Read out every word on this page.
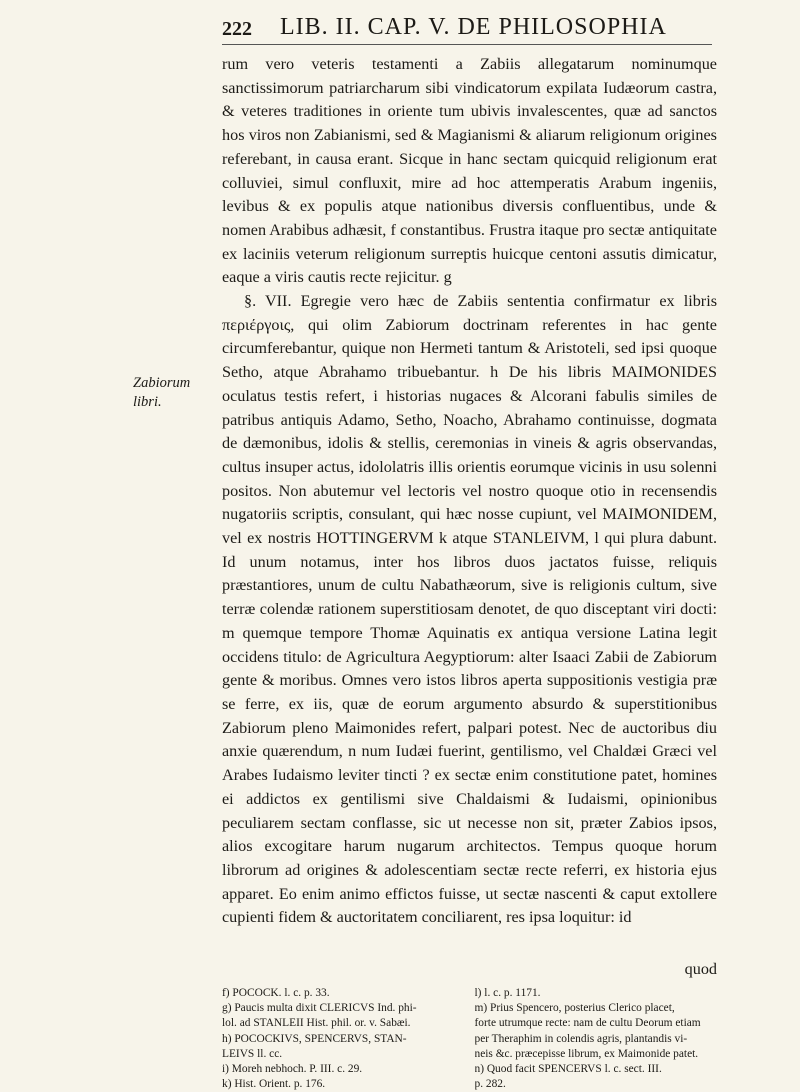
222 LIB. II. CAP. V. DE PHILOSOPHIA
Zabiorum libri.

rum vero veteris testamenti a Zabiis allegatarum nominumque sanctissimorum patriarcharum sibi vindicatorum expilata Iudæorum castra, & veteres traditiones in oriente tum ubivis invalescentes, quæ ad sanctos hos viros non Zabianismi, sed & Magianismi & aliarum religionum origines referebant, in causa erant. Sicque in hanc sectam quicquid religionum erat colluviei, simul confluxit, mire ad hoc attemperatis Arabum ingeniis, levibus & ex populis atque nationibus diversis confluentibus, unde & nomen Arabibus adhæsit, f constantibus. Frustra itaque pro sectæ antiquitate ex laciniis veterum religionum surreptis huicque centoni assutis dimicatur, eaque a viris cautis recte rejicitur. g

§. VII. Egregie vero hæc de Zabiis sententia confirmatur ex libris περιέργοις, qui olim Zabiorum doctrinam referentes in hac gente circumferebantur, quique non Hermeti tantum & Aristoteli, sed ipsi quoque Setho, atque Abrahamo tribuebantur. h De his libris MAIMONIDES oculatus testis refert, i historias nugaces & Alcorani fabulis similes de patribus antiquis Adamo, Setho, Noacho, Abrahamo continuisse, dogmata de dæmonibus, idolis & stellis, ceremonias in vineis & agris observandas, cultus insuper actus, idololatris illis orientis eorumque vicinis in usu solenni positos. Non abutemur vel lectoris vel nostro quoque otio in recensendis nugatoriis scriptis, consulant, qui hæc nosse cupiunt, vel MAIMONIDEM, vel ex nostris HOTTINGERVM k atque STANLEIVM, l qui plura dabunt. Id unum notamus, inter hos libros duos jactatos fuisse, reliquis præstantiores, unum de cultu Nabathæorum, sive is religionis cultum, sive terræ colendæ rationem superstitiosam denotet, de quo disceptant viri docti: m quemque tempore Thomæ Aquinatis ex antiqua versione Latina legit occidens titulo: de Agricultura Aegyptiorum: alter Isaaci Zabii de Zabiorum gente & moribus. Omnes vero istos libros aperta suppositionis vestigia præ se ferre, ex iis, quæ de eorum argumento absurdo & superstitionibus Zabiorum pleno Maimonides refert, palpari potest. Nec de auctoribus diu anxie quærendum, n num Iudæi fuerint, gentilismo, vel Chaldæi Græci vel Arabes Iudaismo leviter tincti ? ex sectæ enim constitutione patet, homines ei addictos ex gentilismi sive Chaldaismi & Iudaismi, opinionibus peculiarem sectam conflasse, sic ut necesse non sit, præter Zabios ipsos, alios excogitare harum nugarum architectos. Tempus quoque horum librorum ad origines & adolescentiam sectæ recte referri, ex historia ejus apparet. Eo enim animo effictos fuisse, ut sectæ nascenti & caput extollere cupienti fidem & auctoritatem conciliarent, res ipsa loquitur: id

quod
f) POCOCK. l. c. p. 33.
g) Paucis multa dixit CLERICVS Ind. phi-
lol. ad STANLEII Hist. phil. or. v. Sabæi.
h) POCOCKIVS, SPENCERVS, STAN-
LEIVS ll. cc.
i) Moreh nebhoch. P. III. c. 29.
k) Hist. Orient. p. 176.
l) l. c. p. 1171.
m) Prius Spencero, posterius Clerico placet,
forte utrumque recte: nam de cultu Deorum etiam
per Theraphim in colendis agris, plantandis vi-
neis &c. præcepisse librum, ex Maimonide patet.
n) Quod facit SPENCERVS l. c. sect. III.
p. 282.
